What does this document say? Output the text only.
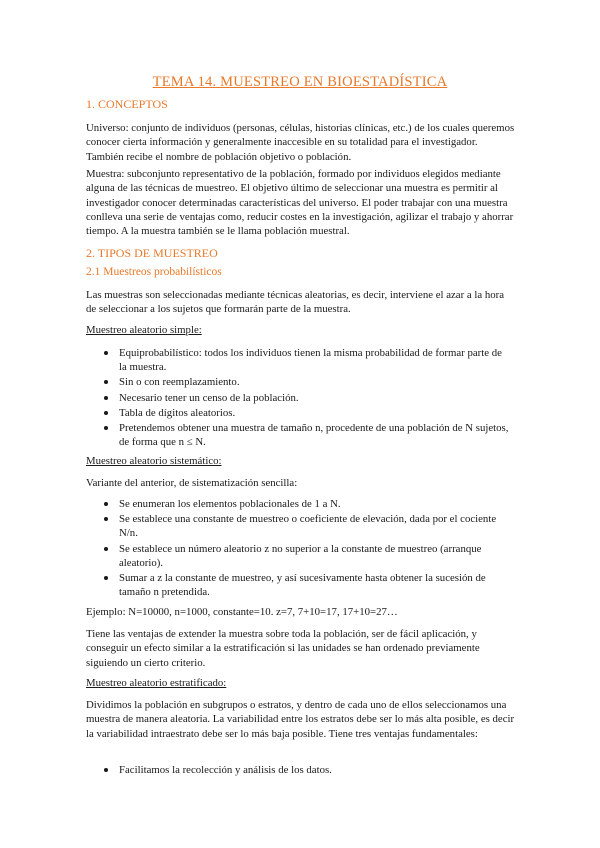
TEMA 14. MUESTREO EN BIOESTADÍSTICA
1. CONCEPTOS

Universo: conjunto de individuos (personas, células, historias clínicas, etc.) de los cuales queremos conocer cierta información y generalmente inaccesible en su totalidad para el investigador. También recibe el nombre de población objetivo o población.

Muestra: subconjunto representativo de la población, formado por individuos elegidos mediante alguna de las técnicas de muestreo. El objetivo último de seleccionar una muestra es permitir al investigador conocer determinadas características del universo. El poder trabajar con una muestra conlleva una serie de ventajas como, reducir costes en la investigación, agilizar el trabajo y ahorrar tiempo. A la muestra también se le llama población muestral.

2. TIPOS DE MUESTREO
2.1 Muestreos probabilísticos

Las muestras son seleccionadas mediante técnicas aleatorias, es decir, interviene el azar a la hora de seleccionar a los sujetos que formarán parte de la muestra.

Muestreo aleatorio simple:
Equiprobabilístico: todos los individuos tienen la misma probabilidad de formar parte de la muestra.
Sin o con reemplazamiento.
Necesario tener un censo de la población.
Tabla de dígitos aleatorios.
Pretendemos obtener una muestra de tamaño n, procedente de una población de N sujetos, de forma que n ≤ N.
Muestreo aleatorio sistemático:

Variante del anterior, de sistematización sencilla:

Se enumeran los elementos poblacionales de 1 a N.
Se establece una constante de muestreo o coeficiente de elevación, dada por el cociente N/n.
Se establece un número aleatorio z no superior a la constante de muestreo (arranque aleatorio).
Sumar a z la constante de muestreo, y así sucesivamente hasta obtener la sucesión de tamaño n pretendida.

Ejemplo: N=10000, n=1000, constante=10. z=7, 7+10=17, 17+10=27…

Tiene las ventajas de extender la muestra sobre toda la población, ser de fácil aplicación, y conseguir un efecto similar a la estratificación si las unidades se han ordenado previamente siguiendo un cierto criterio.

Muestreo aleatorio estratificado:

Dividimos la población en subgrupos o estratos, y dentro de cada uno de ellos seleccionamos una muestra de manera aleatoria. La variabilidad entre los estratos debe ser lo más alta posible, es decir la variabilidad intraestrato debe ser lo más baja posible. Tiene tres ventajas fundamentales:

Facilitamos la recolección y análisis de los datos.
